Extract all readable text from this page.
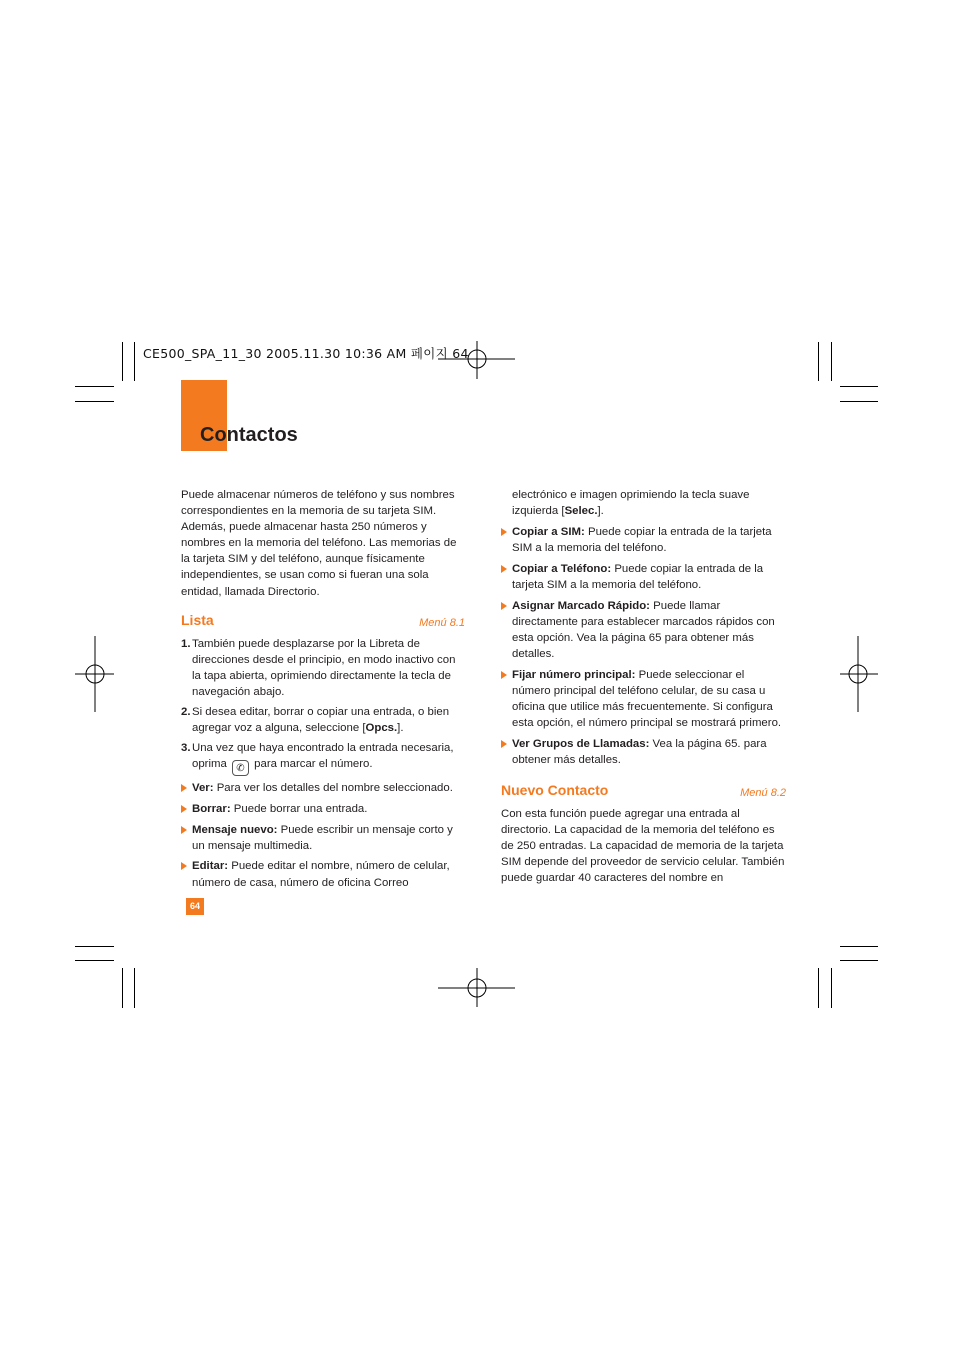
CE500_SPA_11_30 2005.11.30 10:36 AM 페이지 64
Contactos

Puede almacenar números de teléfono y sus nombres correspondientes en la memoria de su tarjeta SIM. Además, puede almacenar hasta 250 números y nombres en la memoria del teléfono. Las memorias de la tarjeta SIM y del teléfono, aunque físicamente independientes, se usan como si fueran una sola entidad, llamada Directorio.

Lista	Menú 8.1
1. También puede desplazarse por la Libreta de direcciones desde el principio, en modo inactivo con la tapa abierta, oprimiendo directamente la tecla de navegación abajo.
2. Si desea editar, borrar o copiar una entrada, o bien agregar voz a alguna, seleccione [Opcs.].
3. Una vez que haya encontrado la entrada necesaria, oprima ✆ para marcar el número.
Ver: Para ver los detalles del nombre seleccionado.
Borrar: Puede borrar una entrada.
Mensaje nuevo: Puede escribir un mensaje corto y un mensaje multimedia.
Editar: Puede editar el nombre, número de celular, número de casa, número de oficina Correo

electrónico e imagen oprimiendo la tecla suave izquierda [Selec.].

Copiar a SIM: Puede copiar la entrada de la tarjeta SIM a la memoria del teléfono.
Copiar a Teléfono: Puede copiar la entrada de la tarjeta SIM a la memoria del teléfono.
Asignar Marcado Rápido: Puede llamar directamente para establecer marcados rápidos con esta opción. Vea la página 65 para obtener más detalles.
Fijar número principal: Puede seleccionar el número principal del teléfono celular, de su casa u oficina que utilice más frecuentemente. Si configura esta opción, el número principal se mostrará primero.
Ver Grupos de Llamadas: Vea la página 65. para obtener más detalles.
Nuevo Contacto	Menú 8.2

Con esta función puede agregar una entrada al directorio. La capacidad de la memoria del teléfono es de 250 entradas. La capacidad de memoria de la tarjeta SIM depende del proveedor de servicio celular. También puede guardar 40 caracteres del nombre en

64
